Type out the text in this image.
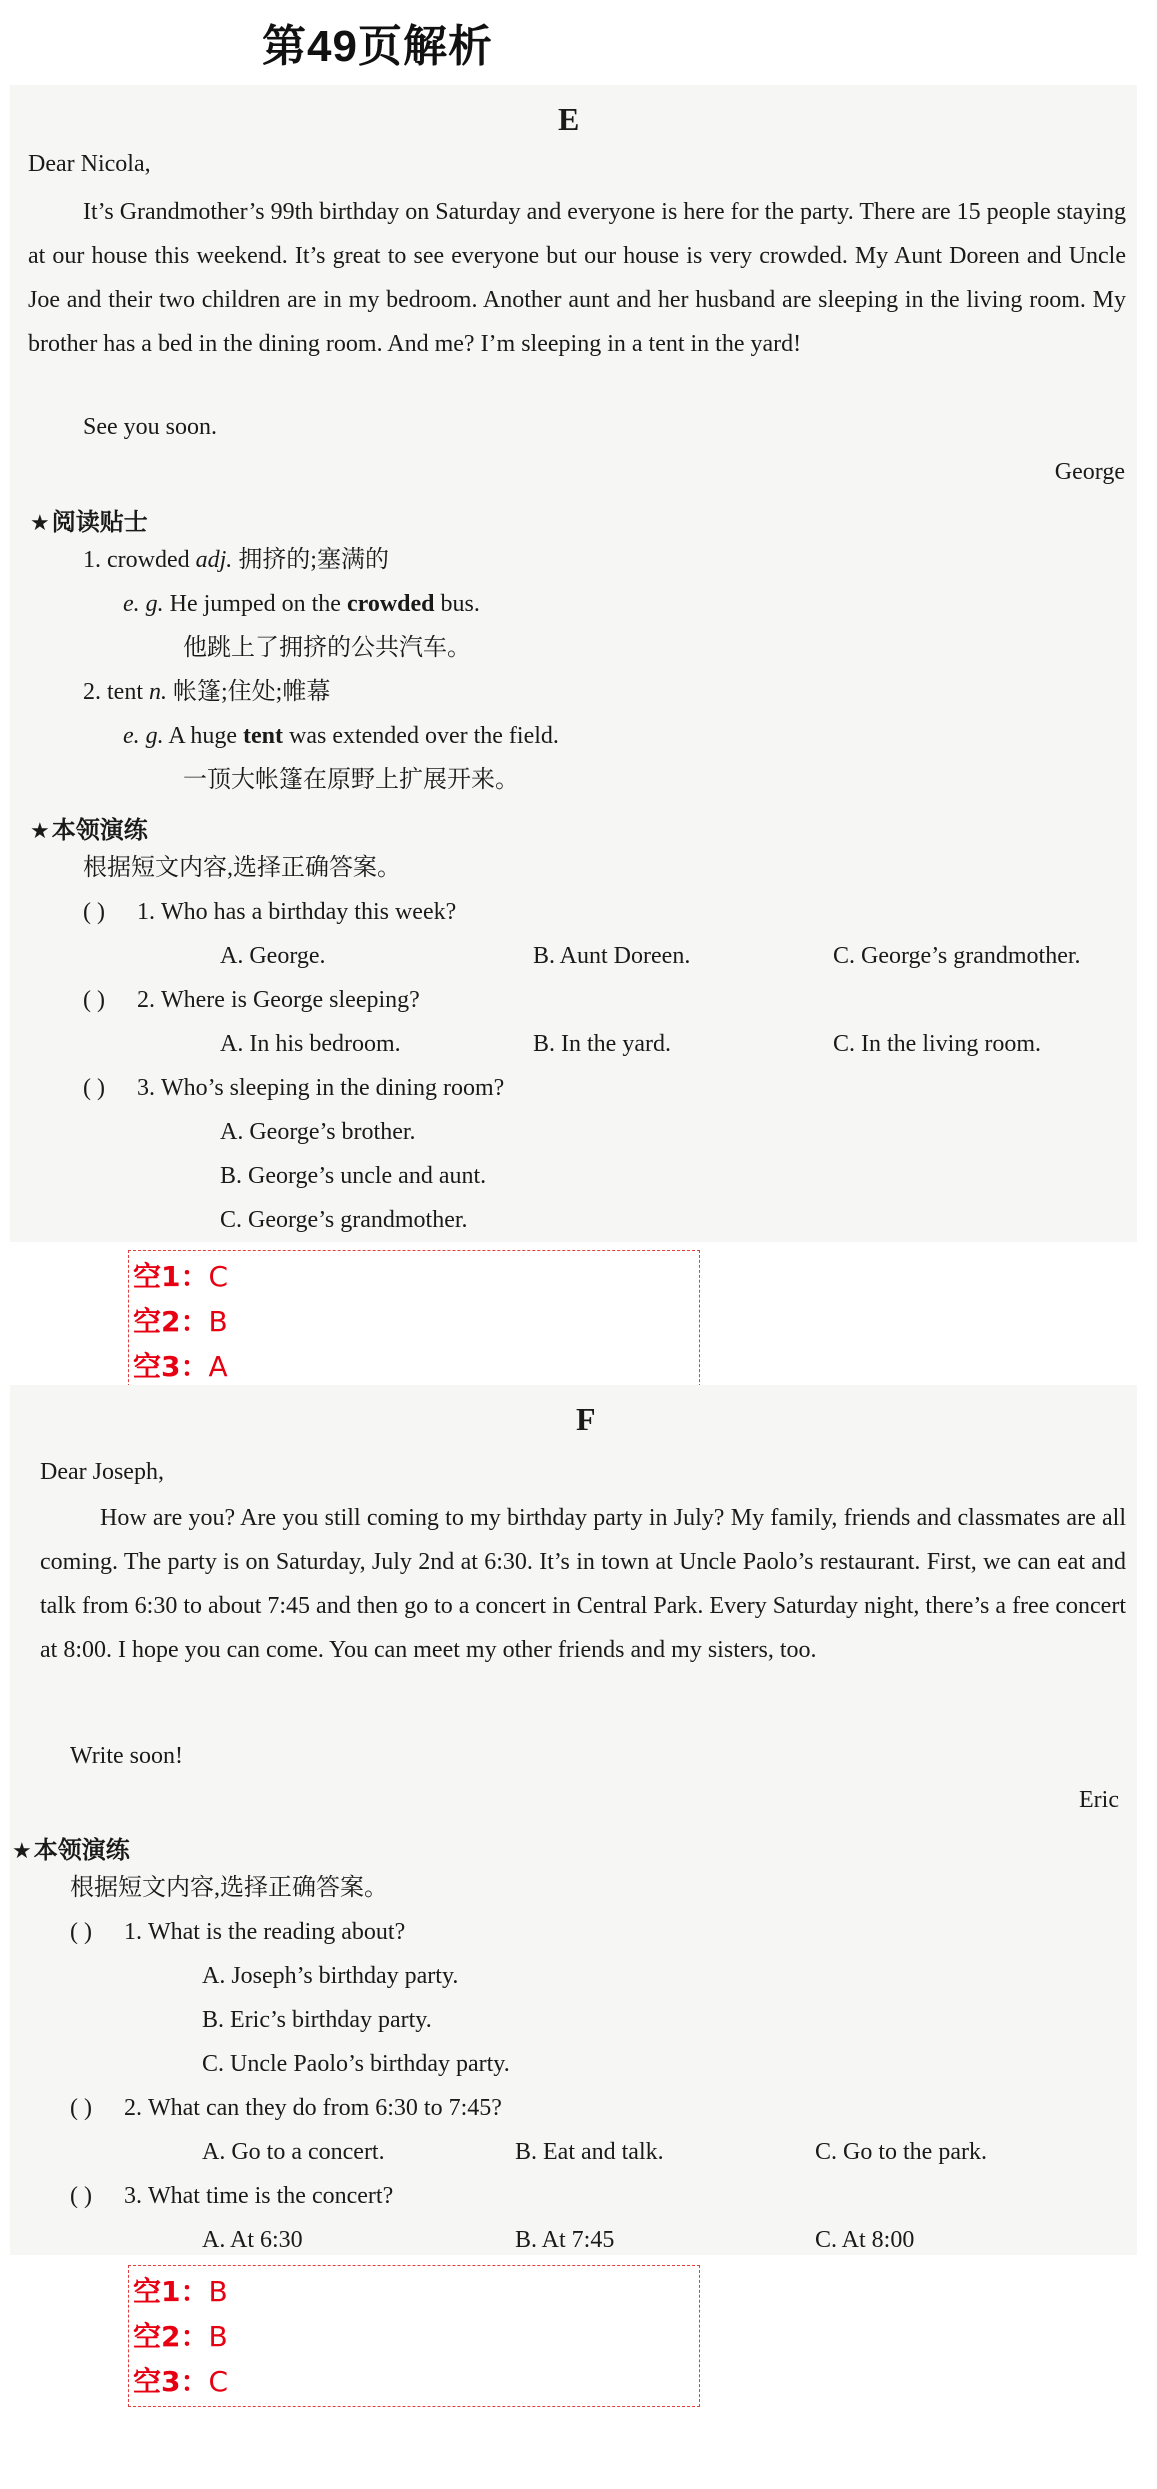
第49页解析
E
Dear Nicola,
It’s Grandmother’s 99th birthday on Saturday and everyone is here for the party. There are 15 people staying at our house this weekend. It’s great to see everyone but our house is very crowded. My Aunt Doreen and Uncle Joe and their two children are in my bedroom. Another aunt and her husband are sleeping in the living room. My brother has a bed in the dining room. And me? I’m sleeping in a tent in the yard!
See you soon.
George
★阅读贴士
1. crowded adj. 拥挤的;塞满的
e. g. He jumped on the crowded bus.
他跳上了拥挤的公共汽车。
2. tent n. 帐篷;住处;帷幕
e. g. A huge tent was extended over the field.
一顶大帐篷在原野上扩展开来。
★本领演练
根据短文内容,选择正确答案。
( ) 1. Who has a birthday this week?
A. George.	B. Aunt Doreen.	C. George’s grandmother.
( ) 2. Where is George sleeping?
A. In his bedroom.	B. In the yard.	C. In the living room.
( ) 3. Who’s sleeping in the dining room?
A. George’s brother.
B. George’s uncle and aunt.
C. George’s grandmother.
空1：C
空2：B
空3：A
F
Dear Joseph,
How are you? Are you still coming to my birthday party in July? My family, friends and classmates are all coming. The party is on Saturday, July 2nd at 6:30. It’s in town at Uncle Paolo’s restaurant. First, we can eat and talk from 6:30 to about 7:45 and then go to a concert in Central Park. Every Saturday night, there’s a free concert at 8:00. I hope you can come. You can meet my other friends and my sisters, too.
Write soon!
Eric
★本领演练
根据短文内容,选择正确答案。
( ) 1. What is the reading about?
A. Joseph’s birthday party.
B. Eric’s birthday party.
C. Uncle Paolo’s birthday party.
( ) 2. What can they do from 6:30 to 7:45?
A. Go to a concert.	B. Eat and talk.	C. Go to the park.
( ) 3. What time is the concert?
A. At 6:30	B. At 7:45	C. At 8:00
空1：B
空2：B
空3：C
